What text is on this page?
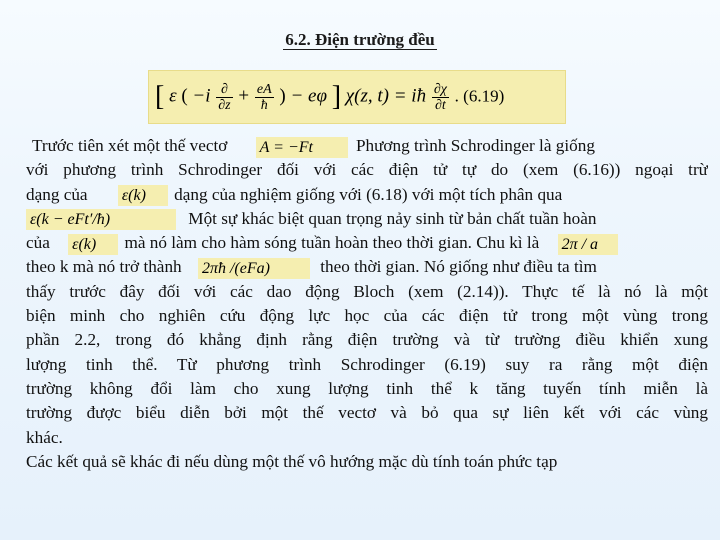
6.2. Điện trường đều
[ ε ( $-i \frac{\partial}{\partial z} + \frac{eA}{ħ}$ ) − eφ ] χ(z, t) = iħ $\frac{\partial\chi}{\partial t}$ . (6.19)
Trước tiên xét một thế vectơ A = −Ft	Phương trình Schrodinger là giống
với phương trình Schrodinger đối với các điện tử tự do (xem (6.16)) ngoại trừ
dạng của ε(k) dạng của nghiệm giống với (6.18) với một tích phân qua
ε(k − eFt′/ħ)	Một sự khác biệt quan trọng nảy sinh từ bản chất tuần hoàn
của ε(k) mà nó làm cho hàm sóng tuần hoàn theo thời gian. Chu kì là 2π / a
theo k mà nó trở thành 2πħ /(eFa)	theo thời gian. Nó giống như điều ta tìm
thấy trước đây đối với các dao động Bloch (xem (2.14)). Thực tế là nó là một
biện minh cho nghiên cứu động lực học của các điện tử trong một vùng trong
phần 2.2, trong đó khẳng định rằng điện trường và từ trường điều khiển xung
lượng tinh thể. Từ phương trình Schrodinger (6.19) suy ra rằng một điện
trường không đổi làm cho xung lượng tinh thể k tăng tuyến tính miễn là
trường được biểu diễn bởi một thế vectơ và bỏ qua sự liên kết với các vùng
khác.
Các kết quả sẽ khác đi nếu dùng một thế vô hướng mặc dù tính toán phức tạp
